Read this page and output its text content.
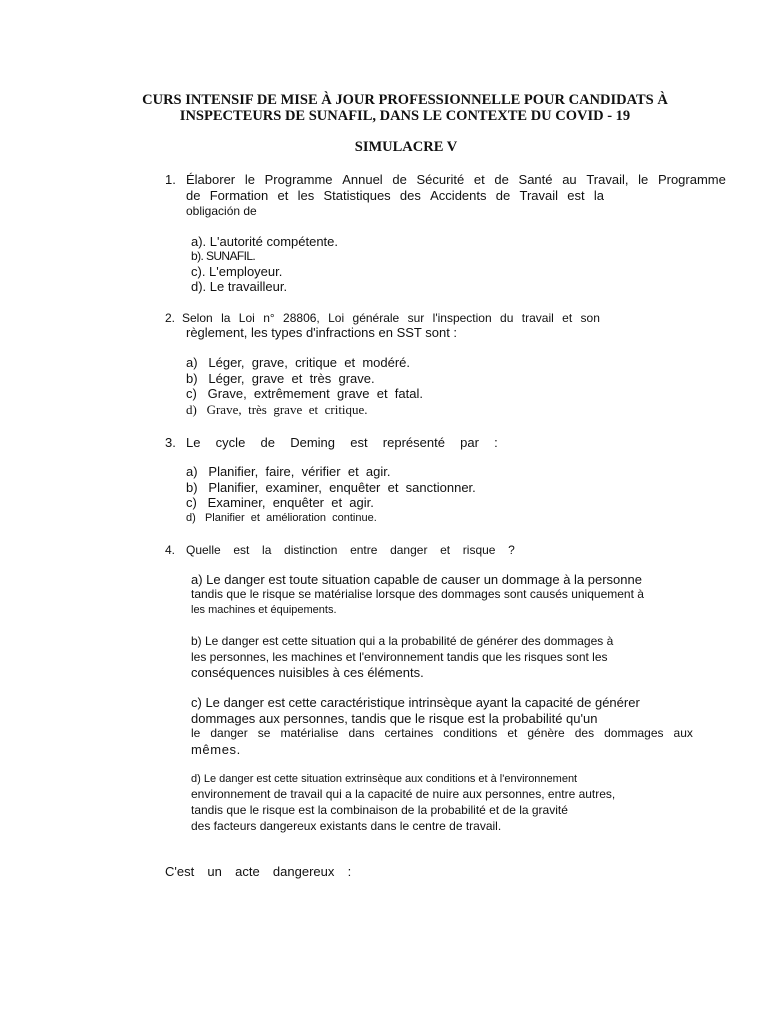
CURS INTENSIF DE MISE À JOUR PROFESSIONNELLE POUR CANDIDATS À
INSPECTEURS DE SUNAFIL, DANS LE CONTEXTE DU COVID - 19
SIMULACRE V
1. Élaborer le Programme Annuel de Sécurité et de Santé au Travail, le Programme
de Formation et les Statistiques des Accidents de Travail est la
obligación de
a). L'autorité compétente.
b). SUNAFIL.
c). L'employeur.
d). Le travailleur.
2. Selon la Loi n° 28806, Loi générale sur l'inspection du travail et son
règlement, les types d'infractions en SST sont :
a)   Léger,  grave,  critique  et  modéré.
b)   Léger,  grave  et  très  grave.
c)   Grave,  extrêmement  grave  et  fatal.
d)   Grave,  très  grave  et  critique.
3. Le  cycle  de  Deming  est  représenté  par  :
a)   Planifier,  faire,  vérifier  et  agir.
b)   Planifier,  examiner,  enquêter  et  sanctionner.
c)   Examiner,  enquêter  et  agir.
d)   Planifier  et  amélioration  continue.
4. Quelle  est  la  distinction  entre  danger  et  risque  ?
a) Le danger est toute situation capable de causer un dommage à la personne
tandis que le risque se matérialise lorsque des dommages sont causés uniquement à
les machines et équipements.
b) Le danger est cette situation qui a la probabilité de générer des dommages à
les personnes, les machines et l'environnement tandis que les risques sont les
conséquences nuisibles à ces éléments.
c) Le danger est cette caractéristique intrinsèque ayant la capacité de générer
dommages aux personnes, tandis que le risque est la probabilité qu'un
le danger se matérialise dans certaines conditions et génère des dommages aux
mêmes.
d) Le danger est cette situation extrinsèque aux conditions et à l'environnement
environnement de travail qui a la capacité de nuire aux personnes, entre autres,
tandis que le risque est la combinaison de la probabilité et de la gravité
des facteurs dangereux existants dans le centre de travail.
C'est  un  acte  dangereux  :
